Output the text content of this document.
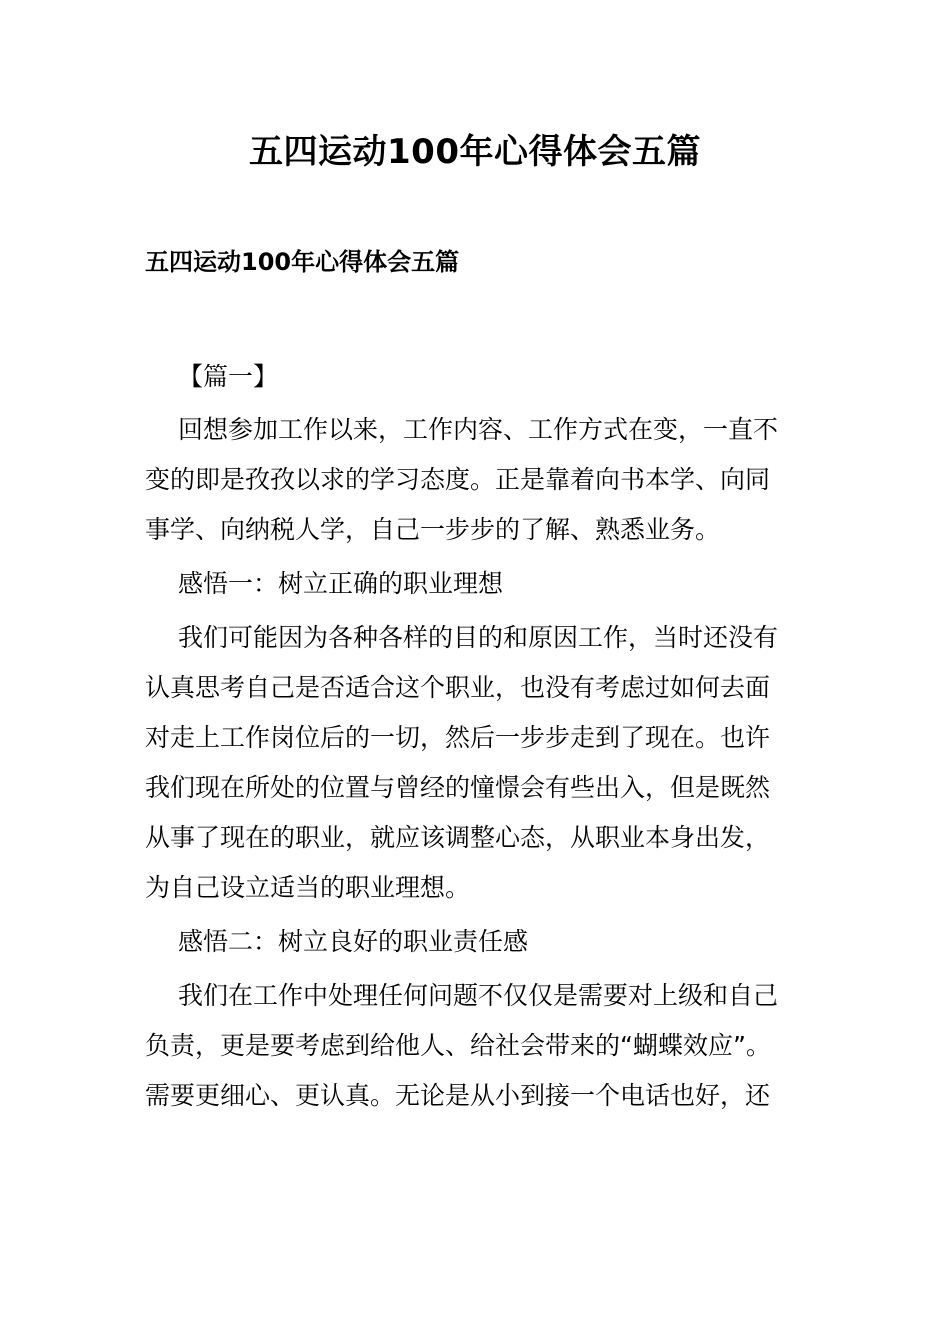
五四运动100年心得体会五篇
五四运动100年心得体会五篇
【篇一】
回想参加工作以来，工作内容、工作方式在变，一直不
变的即是孜孜以求的学习态度。正是靠着向书本学、向同
事学、向纳税人学，自己一步步的了解、熟悉业务。
感悟一：树立正确的职业理想
我们可能因为各种各样的目的和原因工作，当时还没有
认真思考自己是否适合这个职业，也没有考虑过如何去面
对走上工作岗位后的一切，然后一步步走到了现在。也许
我们现在所处的位置与曾经的憧憬会有些出入，但是既然
从事了现在的职业，就应该调整心态，从职业本身出发，
为自己设立适当的职业理想。
感悟二：树立良好的职业责任感
我们在工作中处理任何问题不仅仅是需要对上级和自己
负责，更是要考虑到给他人、给社会带来的“蝴蝶效应”。
需要更细心、更认真。无论是从小到接一个电话也好，还
